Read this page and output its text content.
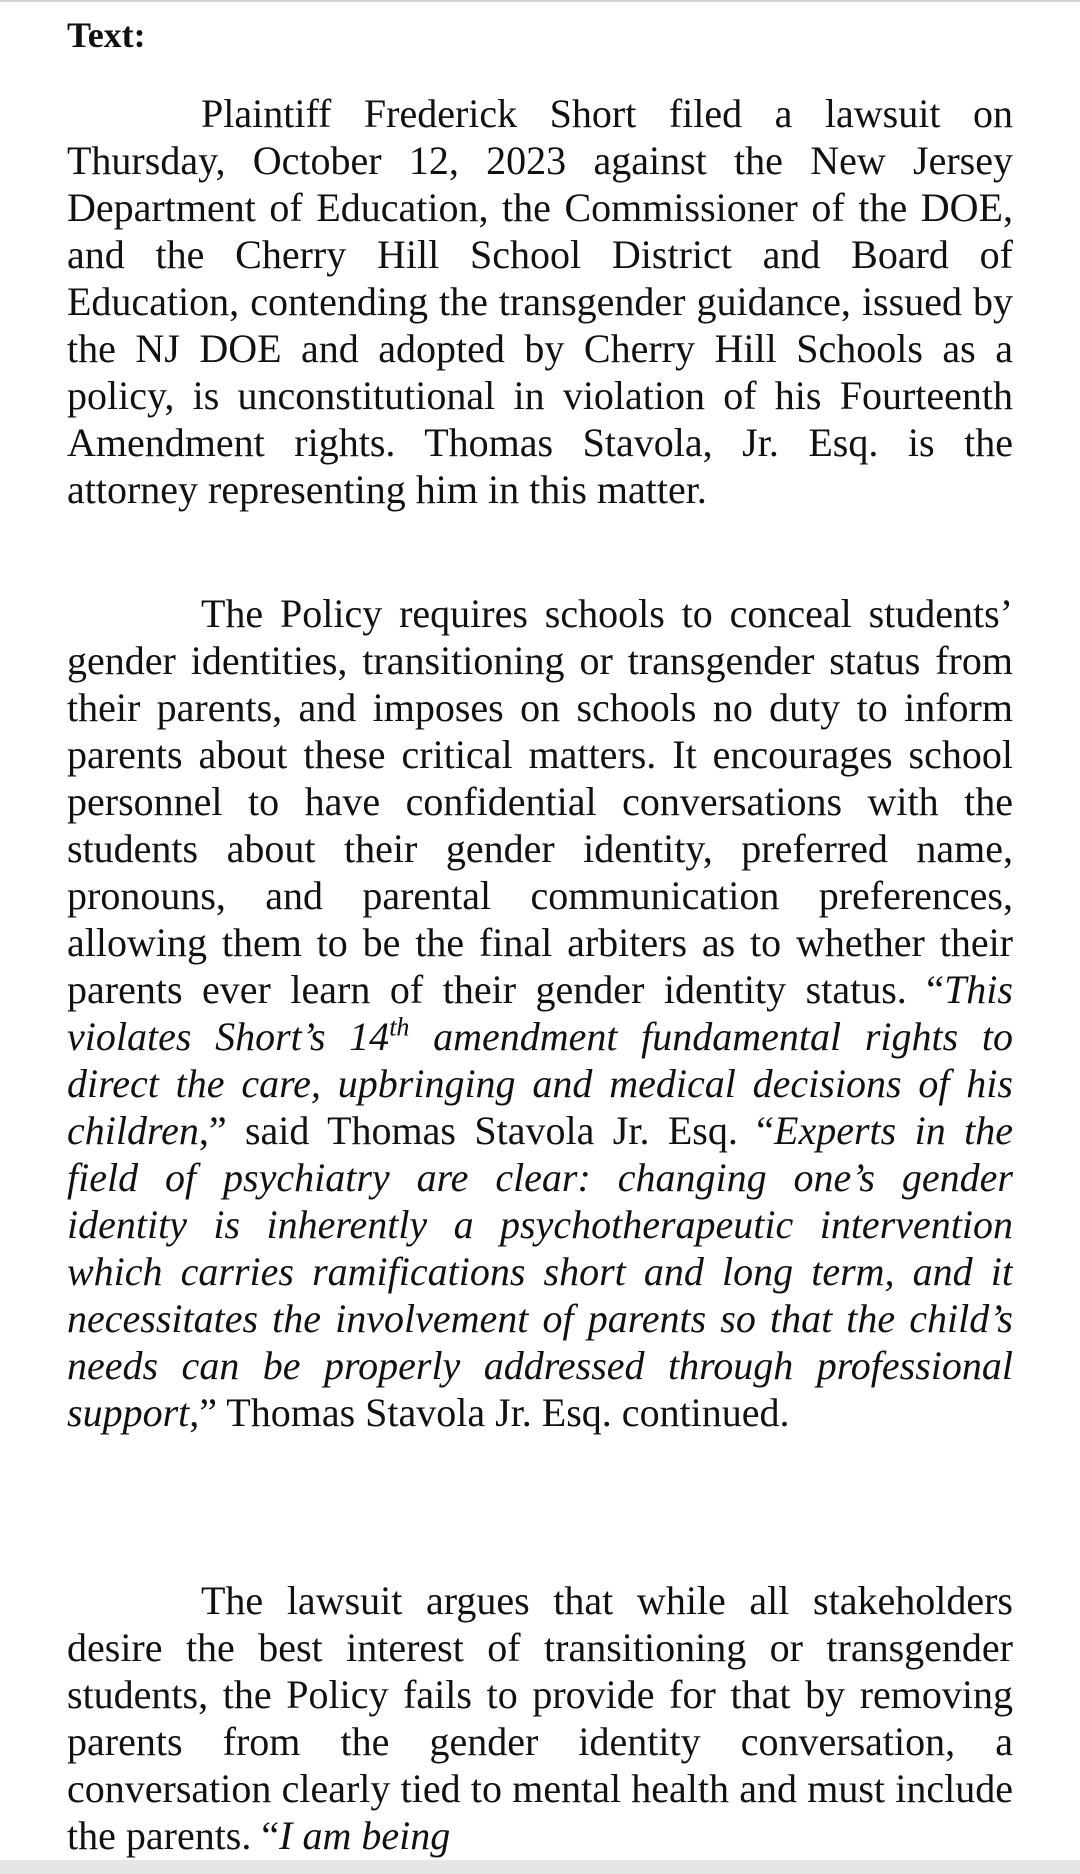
Text:

Plaintiff Frederick Short filed a lawsuit on Thursday, October 12, 2023 against the New Jersey Department of Education, the Commissioner of the DOE, and the Cherry Hill School District and Board of Education, contending the transgender guidance, issued by the NJ DOE and adopted by Cherry Hill Schools as a policy, is unconstitutional in violation of his Fourteenth Amendment rights. Thomas Stavola, Jr. Esq. is the attorney representing him in this matter.

The Policy requires schools to conceal students’ gender identities, transitioning or transgender status from their parents, and imposes on schools no duty to inform parents about these critical matters. It encourages school personnel to have confidential conversations with the students about their gender identity, preferred name, pronouns, and parental communication preferences, allowing them to be the final arbiters as to whether their parents ever learn of their gender identity status. “This violates Short’s 14th amendment fundamental rights to direct the care, upbringing and medical decisions of his children,” said Thomas Stavola Jr. Esq. “Experts in the field of psychiatry are clear: changing one’s gender identity is inherently a psychotherapeutic intervention which carries ramifications short and long term, and it necessitates the involvement of parents so that the child’s needs can be properly addressed through professional support,” Thomas Stavola Jr. Esq. continued.

The lawsuit argues that while all stakeholders desire the best interest of transitioning or transgender students, the Policy fails to provide for that by removing parents from the gender identity conversation, a conversation clearly tied to mental health and must include the parents. “I am being
